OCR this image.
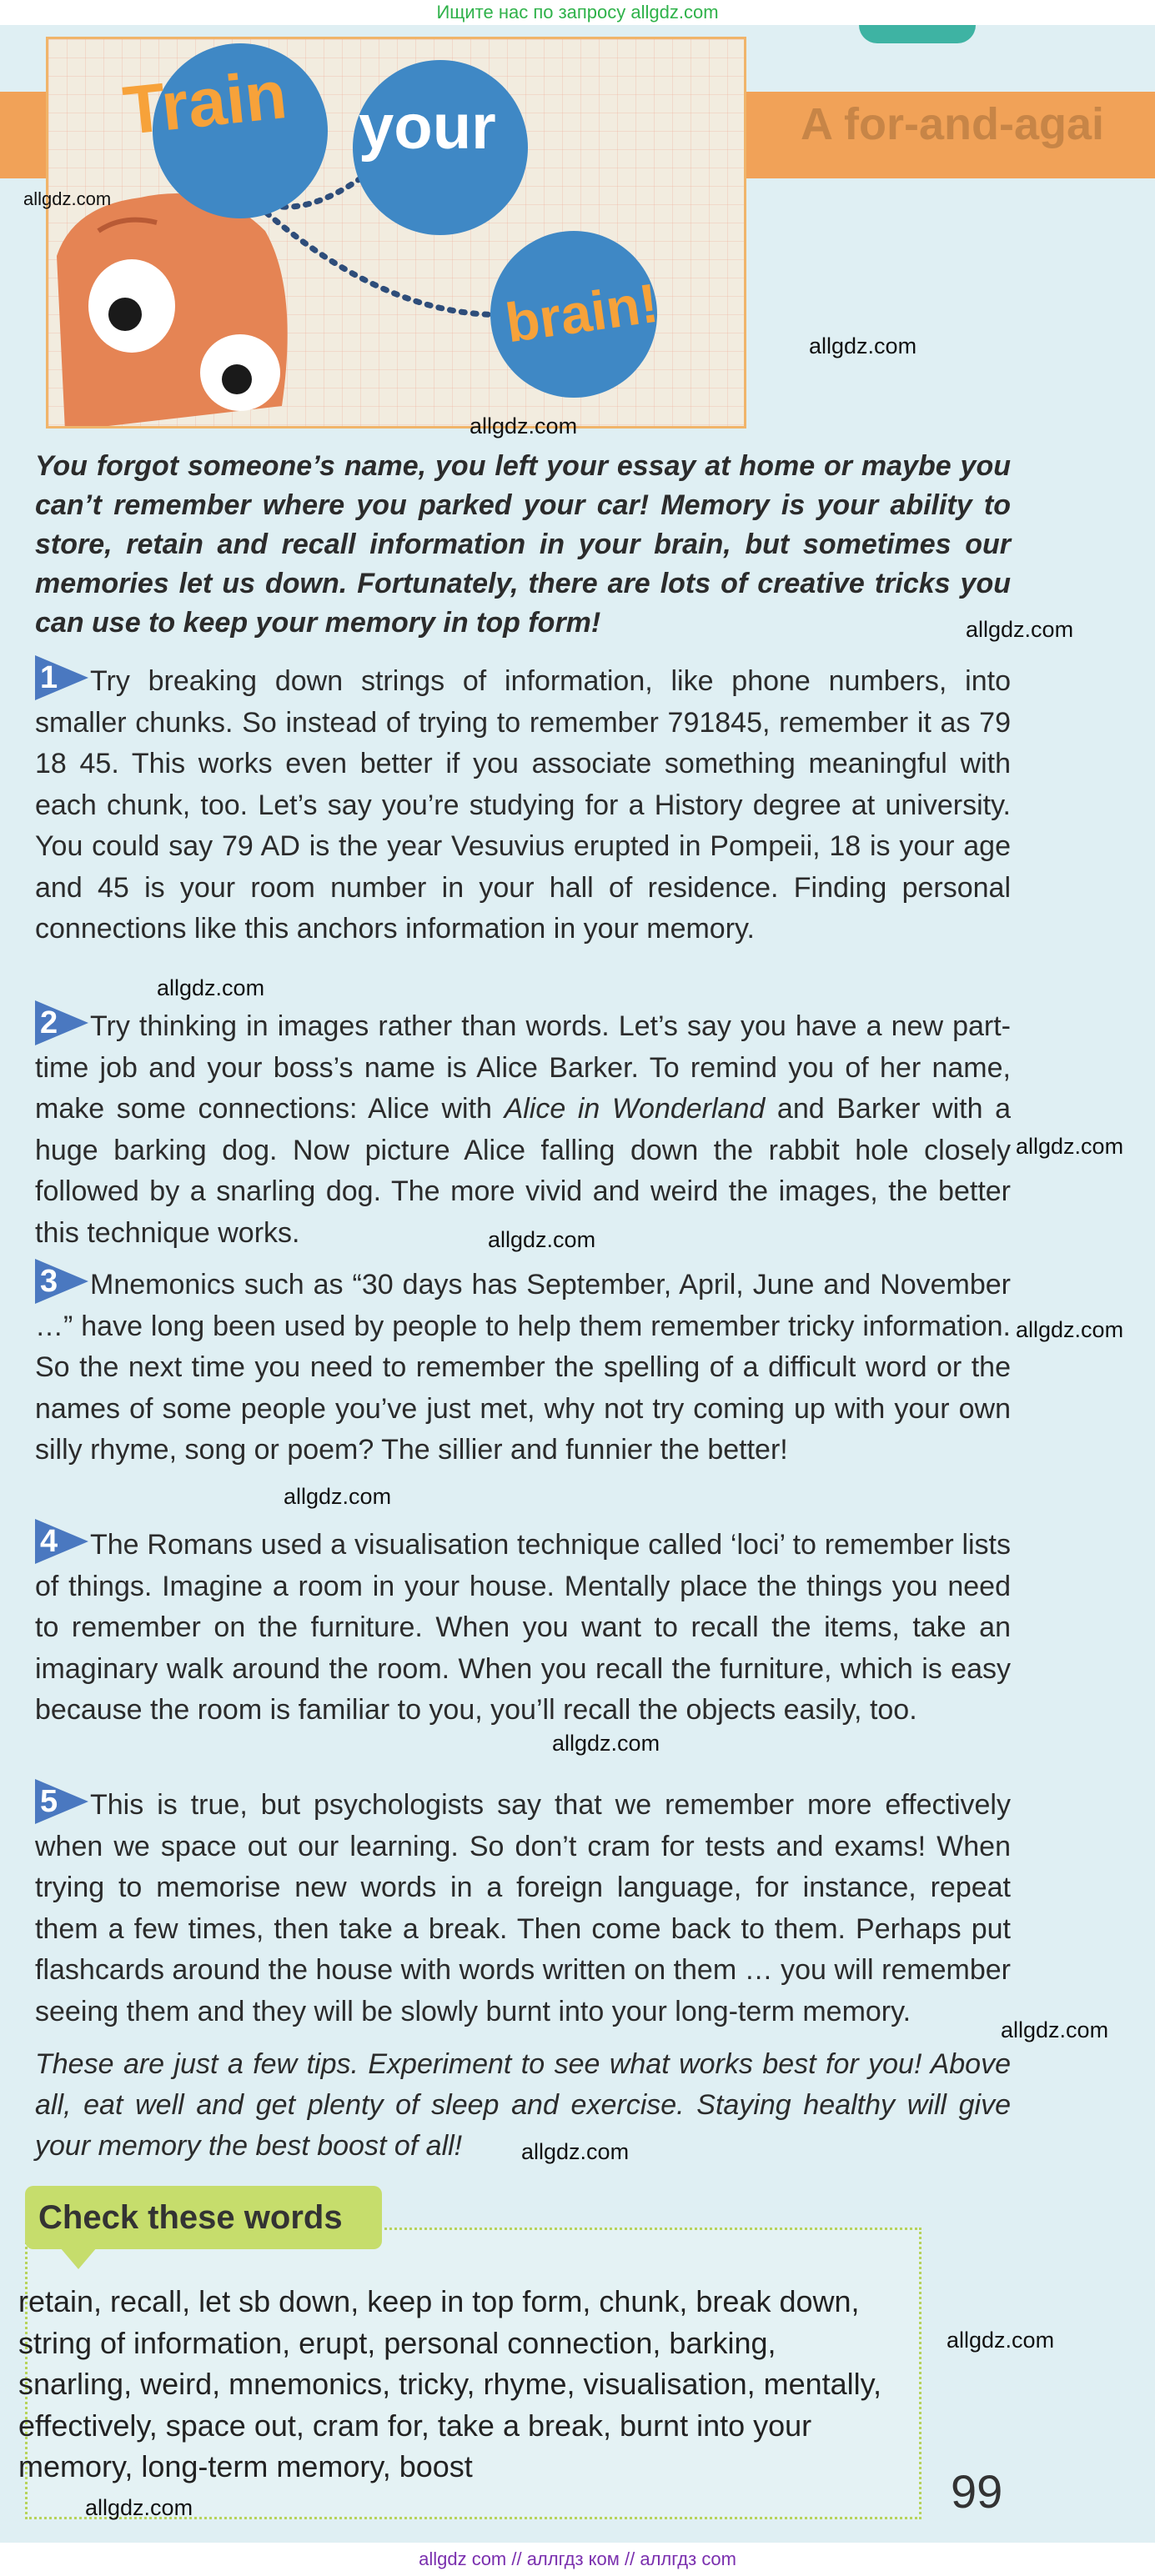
Ищите нас по запросу allgdz.com
A for-and-agai
Train your
brain!
allgdz.com
allgdz.com
allgdz.com
You forgot someone’s name, you left your essay at home or maybe you can’t remember where you parked your car! Memory is your ability to store, retain and recall information in your brain, but sometimes our memories let us down. Fortunately, there are lots of creative tricks you can use to keep your memory in top form!	allgdz.com
1 Try breaking down strings of information, like phone numbers, into smaller chunks. So instead of trying to remember 791845, remember it as 79 18 45. This works even better if you associate something meaningful with each chunk, too. Let’s say you’re studying for a History degree at university. You could say 79 AD is the year Vesuvius erupted in Pompeii, 18 is your age and 45 is your room number in your hall of residence. Finding personal connections like this anchors information in your memory.
allgdz.com
2 Try thinking in images rather than words. Let’s say you have a new part-time job and your boss’s name is Alice Barker. To remind you of her name, make some connections: Alice with Alice in Wonderland and Barker with a huge barking dog. Now picture Alice falling down the rabbit hole closely followed by a snarling dog. The more vivid and weird the images, the better this technique works.
allgdz.com
allgdz.com
3 Mnemonics such as “30 days has September, April, June and November …” have long been used by people to help them remember tricky information. So the next time you need to remember the spelling of a difficult word or the names of some people you’ve just met, why not try coming up with your own silly rhyme, song or poem? The sillier and funnier the better!
allgdz.com
allgdz.com
4 The Romans used a visualisation technique called ‘loci’ to remember lists of things. Imagine a room in your house. Mentally place the things you need to remember on the furniture. When you want to recall the items, take an imaginary walk around the room. When you recall the furniture, which is easy because the room is familiar to you, you’ll recall the objects easily, too.
allgdz.com
5 This is true, but psychologists say that we remember more effectively when we space out our learning. So don’t cram for tests and exams! When trying to memorise new words in a foreign language, for instance, repeat them a few times, then take a break. Then come back to them. Perhaps put flashcards around the house with words written on them … you will remember seeing them and they will be slowly burnt into your long-term memory.
allgdz.com
These are just a few tips. Experiment to see what works best for you! Above all, eat well and get plenty of sleep and exercise. Staying healthy will give your memory the best boost of all!	allgdz.com
Check these words
retain, recall, let sb down, keep in top form, chunk, break down, string of information, erupt, personal connection, barking, snarling, weird, mnemonics, tricky, rhyme, visualisation, mentally, effectively, space out, cram for, take a break, burnt into your memory, long-term memory, boost
allgdz.com
allgdz.com	99
allgdz com // аллгдз ком // аллгдз com
